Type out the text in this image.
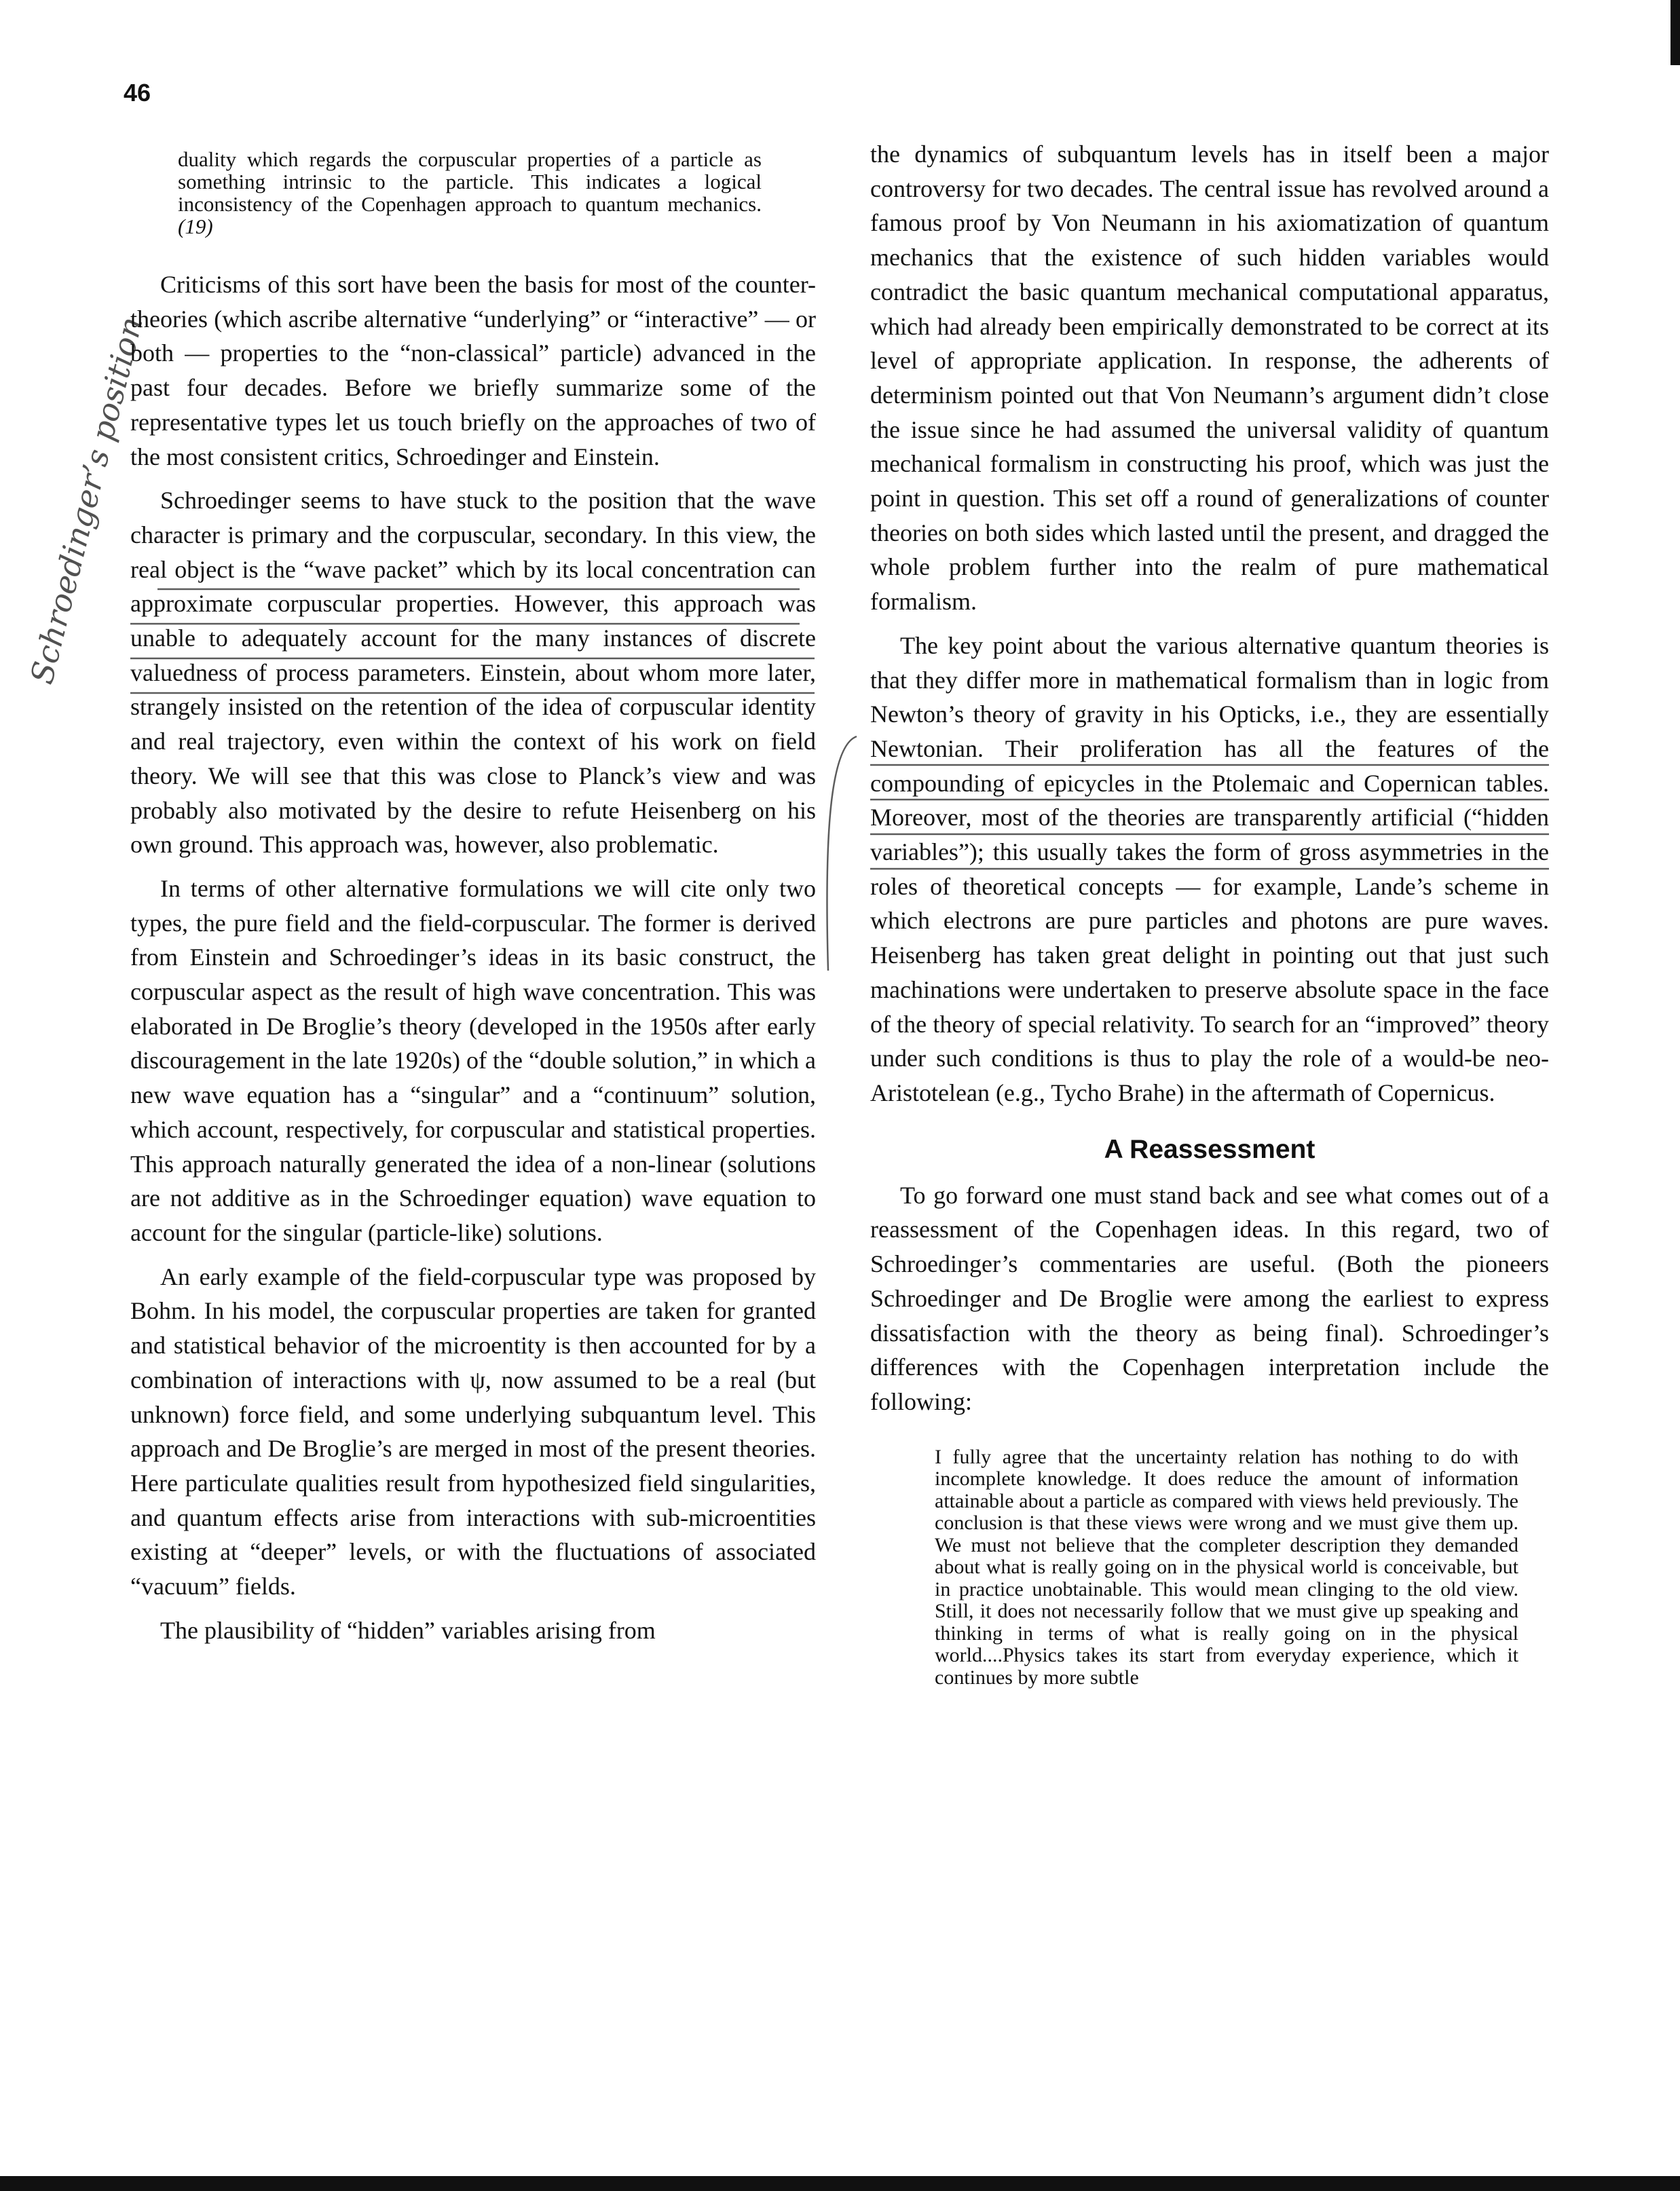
46
Schroedinger’s position

duality which regards the corpuscular properties of a particle as something intrinsic to the particle. This indicates a logical inconsistency of the Copenhagen approach to quantum mechanics. (19)

Criticisms of this sort have been the basis for most of the counter-theories (which ascribe alternative “underlying” or “interactive” — or both — properties to the “non-classical” particle) advanced in the past four decades. Before we briefly summarize some of the representative types let us touch briefly on the approaches of two of the most consistent critics, Schroedinger and Einstein.

Schroedinger seems to have stuck to the position that the wave character is primary and the corpuscular, secondary. In this view, the real object is the “wave packet” which by its local concentration can approximate corpuscular properties. However, this approach was unable to adequately account for the many instances of discrete valuedness of process parameters. Einstein, about whom more later, strangely insisted on the retention of the idea of corpuscular identity and real trajectory, even within the context of his work on field theory. We will see that this was close to Planck’s view and was probably also motivated by the desire to refute Heisenberg on his own ground. This approach was, however, also problematic.

In terms of other alternative formulations we will cite only two types, the pure field and the field-corpuscular. The former is derived from Einstein and Schroedinger’s ideas in its basic construct, the corpuscular aspect as the result of high wave concentration. This was elaborated in De Broglie’s theory (developed in the 1950s after early discouragement in the late 1920s) of the “double solution,” in which a new wave equation has a “singular” and a “continuum” solution, which account, respectively, for corpuscular and statistical properties. This approach naturally generated the idea of a non-linear (solutions are not additive as in the Schroedinger equation) wave equation to account for the singular (particle-like) solutions.

An early example of the field-corpuscular type was proposed by Bohm. In his model, the corpuscular properties are taken for granted and statistical behavior of the microentity is then accounted for by a combination of interactions with ψ, now assumed to be a real (but unknown) force field, and some underlying subquantum level. This approach and De Broglie’s are merged in most of the present theories. Here particulate qualities result from hypothesized field singularities, and quantum effects arise from interactions with sub-microentities existing at “deeper” levels, or with the fluctuations of associated “vacuum” fields.

The plausibility of “hidden” variables arising from

the dynamics of subquantum levels has in itself been a major controversy for two decades. The central issue has revolved around a famous proof by Von Neumann in his axiomatization of quantum mechanics that the existence of such hidden variables would contradict the basic quantum mechanical computational apparatus, which had already been empirically demonstrated to be correct at its level of appropriate application. In response, the adherents of determinism pointed out that Von Neumann’s argument didn’t close the issue since he had assumed the universal validity of quantum mechanical formalism in constructing his proof, which was just the point in question. This set off a round of generalizations of counter theories on both sides which lasted until the present, and dragged the whole problem further into the realm of pure mathematical formalism.

The key point about the various alternative quantum theories is that they differ more in mathematical formalism than in logic from Newton’s theory of gravity in his Opticks, i.e., they are essentially Newtonian. Their proliferation has all the features of the compounding of epicycles in the Ptolemaic and Copernican tables. Moreover, most of the theories are transparently artificial (“hidden variables”); this usually takes the form of gross asymmetries in the roles of theoretical concepts — for example, Lande’s scheme in which electrons are pure particles and photons are pure waves. Heisenberg has taken great delight in pointing out that just such machinations were undertaken to preserve absolute space in the face of the theory of special relativity. To search for an “improved” theory under such conditions is thus to play the role of a would-be neo-Aristotelean (e.g., Tycho Brahe) in the aftermath of Copernicus.

A Reassessment

To go forward one must stand back and see what comes out of a reassessment of the Copenhagen ideas. In this regard, two of Schroedinger’s commentaries are useful. (Both the pioneers Schroedinger and De Broglie were among the earliest to express dissatisfaction with the theory as being final). Schroedinger’s differences with the Copenhagen interpretation include the following:

I fully agree that the uncertainty relation has nothing to do with incomplete knowledge. It does reduce the amount of information attainable about a particle as compared with views held previously. The conclusion is that these views were wrong and we must give them up. We must not believe that the completer description they demanded about what is really going on in the physical world is conceivable, but in practice unobtainable. This would mean clinging to the old view. Still, it does not necessarily follow that we must give up speaking and thinking in terms of what is really going on in the physical world....Physics takes its start from everyday experience, which it continues by more subtle
